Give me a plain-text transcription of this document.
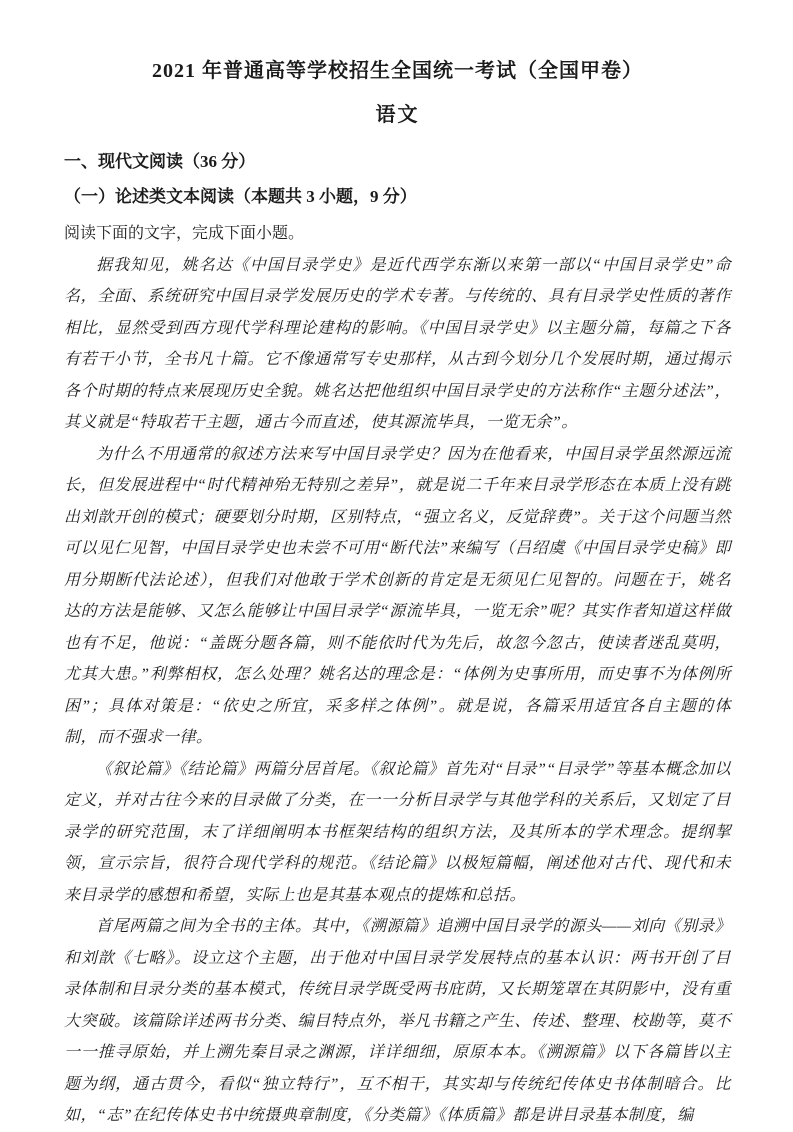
2021 年普通高等学校招生全国统一考试（全国甲卷）
语文
一、现代文阅读（36 分）
（一）论述类文本阅读（本题共 3 小题，9 分）

阅读下面的文字，完成下面小题。

据我知见，姚名达《中国目录学史》是近代西学东渐以来第一部以“中国目录学史”命名，全面、系统研究中国目录学发展历史的学术专著。与传统的、具有目录学史性质的著作相比，显然受到西方现代学科理论建构的影响。《中国目录学史》以主题分篇，每篇之下各有若干小节，全书凡十篇。它不像通常写专史那样，从古到今划分几个发展时期，通过揭示各个时期的特点来展现历史全貌。姚名达把他组织中国目录学史的方法称作“主题分述法”，其义就是“特取若干主题，通古今而直述，使其源流毕具，一览无余”。

为什么不用通常的叙述方法来写中国目录学史？因为在他看来，中国目录学虽然源远流长，但发展进程中“时代精神殆无特别之差异”，就是说二千年来目录学形态在本质上没有跳出刘歆开创的模式；硬要划分时期，区别特点，“强立名义，反觉辞费”。关于这个问题当然可以见仁见智，中国目录学史也未尝不可用“断代法”来编写（吕绍虞《中国目录学史稿》即用分期断代法论述），但我们对他敢于学术创新的肯定是无须见仁见智的。问题在于，姚名达的方法是能够、又怎么能够让中国目录学“源流毕具，一览无余”呢？其实作者知道这样做也有不足，他说：“盖既分题各篇，则不能依时代为先后，故忽今忽古，使读者迷乱莫明，尤其大患。”利弊相权，怎么处理？姚名达的理念是：“体例为史事所用，而史事不为体例所困”；具体对策是：“依史之所宜，采多样之体例”。就是说，各篇采用适宜各自主题的体制，而不强求一律。

《叙论篇》《结论篇》两篇分居首尾。《叙论篇》首先对“目录”“目录学”等基本概念加以定义，并对古往今来的目录做了分类，在一一分析目录学与其他学科的关系后，又划定了目录学的研究范围，末了详细阐明本书框架结构的组织方法，及其所本的学术理念。提纲挈领，宣示宗旨，很符合现代学科的规范。《结论篇》以极短篇幅，阐述他对古代、现代和未来目录学的感想和希望，实际上也是其基本观点的提炼和总括。

首尾两篇之间为全书的主体。其中，《溯源篇》追溯中国目录学的源头——刘向《别录》和刘歆《七略》。设立这个主题，出于他对中国目录学发展特点的基本认识：两书开创了目录体制和目录分类的基本模式，传统目录学既受两书庇荫，又长期笼罩在其阴影中，没有重大突破。该篇除详述两书分类、编目特点外，举凡书籍之产生、传述、整理、校勘等，莫不一一推寻原始，并上溯先秦目录之渊源，详详细细，原原本本。《溯源篇》以下各篇皆以主题为纲，通古贯今，看似“独立特行”，互不相干，其实却与传统纪传体史书体制暗合。比如，“志”在纪传体史书中统摄典章制度，《分类篇》《体质篇》都是讲目录基本制度，编
